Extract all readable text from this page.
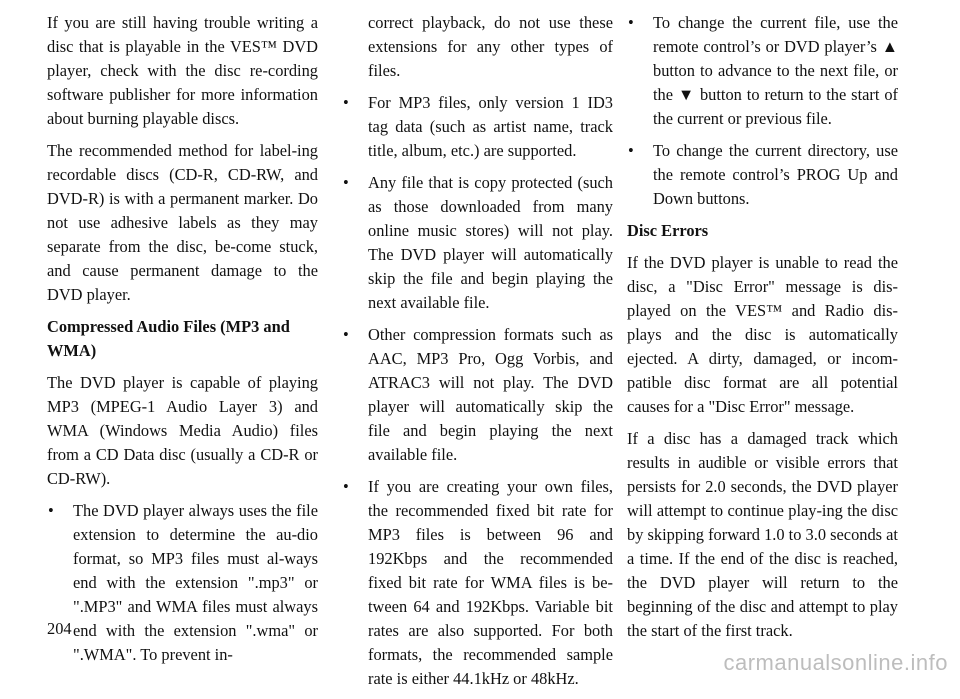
If you are still having trouble writing a disc that is playable in the VES™ DVD player, check with the disc re-cording software publisher for more information about burning playable discs.

The recommended method for label-ing recordable discs (CD-R, CD-RW, and DVD-R) is with a permanent marker. Do not use adhesive labels as they may separate from the disc, be-come stuck, and cause permanent damage to the DVD player.

Compressed Audio Files (MP3 and WMA)

The DVD player is capable of playing MP3 (MPEG-1 Audio Layer 3) and WMA (Windows Media Audio) files from a CD Data disc (usually a CD-R or CD-RW).

• The DVD player always uses the file extension to determine the au-dio format, so MP3 files must al-ways end with the extension ".mp3" or ".MP3" and WMA files must always end with the extension ".wma" or ".WMA". To prevent in-
correct playback, do not use these extensions for any other types of files.
• For MP3 files, only version 1 ID3 tag data (such as artist name, track title, album, etc.) are supported.
• Any file that is copy protected (such as those downloaded from many online music stores) will not play. The DVD player will automatically skip the file and begin playing the next available file.
• Other compression formats such as AAC, MP3 Pro, Ogg Vorbis, and ATRAC3 will not play. The DVD player will automatically skip the file and begin playing the next available file.
• If you are creating your own files, the recommended fixed bit rate for MP3 files is between 96 and 192Kbps and the recommended fixed bit rate for WMA files is be-tween 64 and 192Kbps. Variable bit rates are also supported. For both formats, the recommended sample rate is either 44.1kHz or 48kHz.
• To change the current file, use the remote control’s or DVD player’s ▲ button to advance to the next file, or the ▼ button to return to the start of the current or previous file.
• To change the current directory, use the remote control’s PROG Up and Down buttons.
Disc Errors

If the DVD player is unable to read the disc, a "Disc Error" message is dis-played on the VES™ and Radio dis-plays and the disc is automatically ejected. A dirty, damaged, or incom-patible disc format are all potential causes for a "Disc Error" message.

If a disc has a damaged track which results in audible or visible errors that persists for 2.0 seconds, the DVD player will attempt to continue play-ing the disc by skipping forward 1.0 to 3.0 seconds at a time. If the end of the disc is reached, the DVD player will return to the beginning of the disc and attempt to play the start of the first track.

204
carmanualsonline.info
